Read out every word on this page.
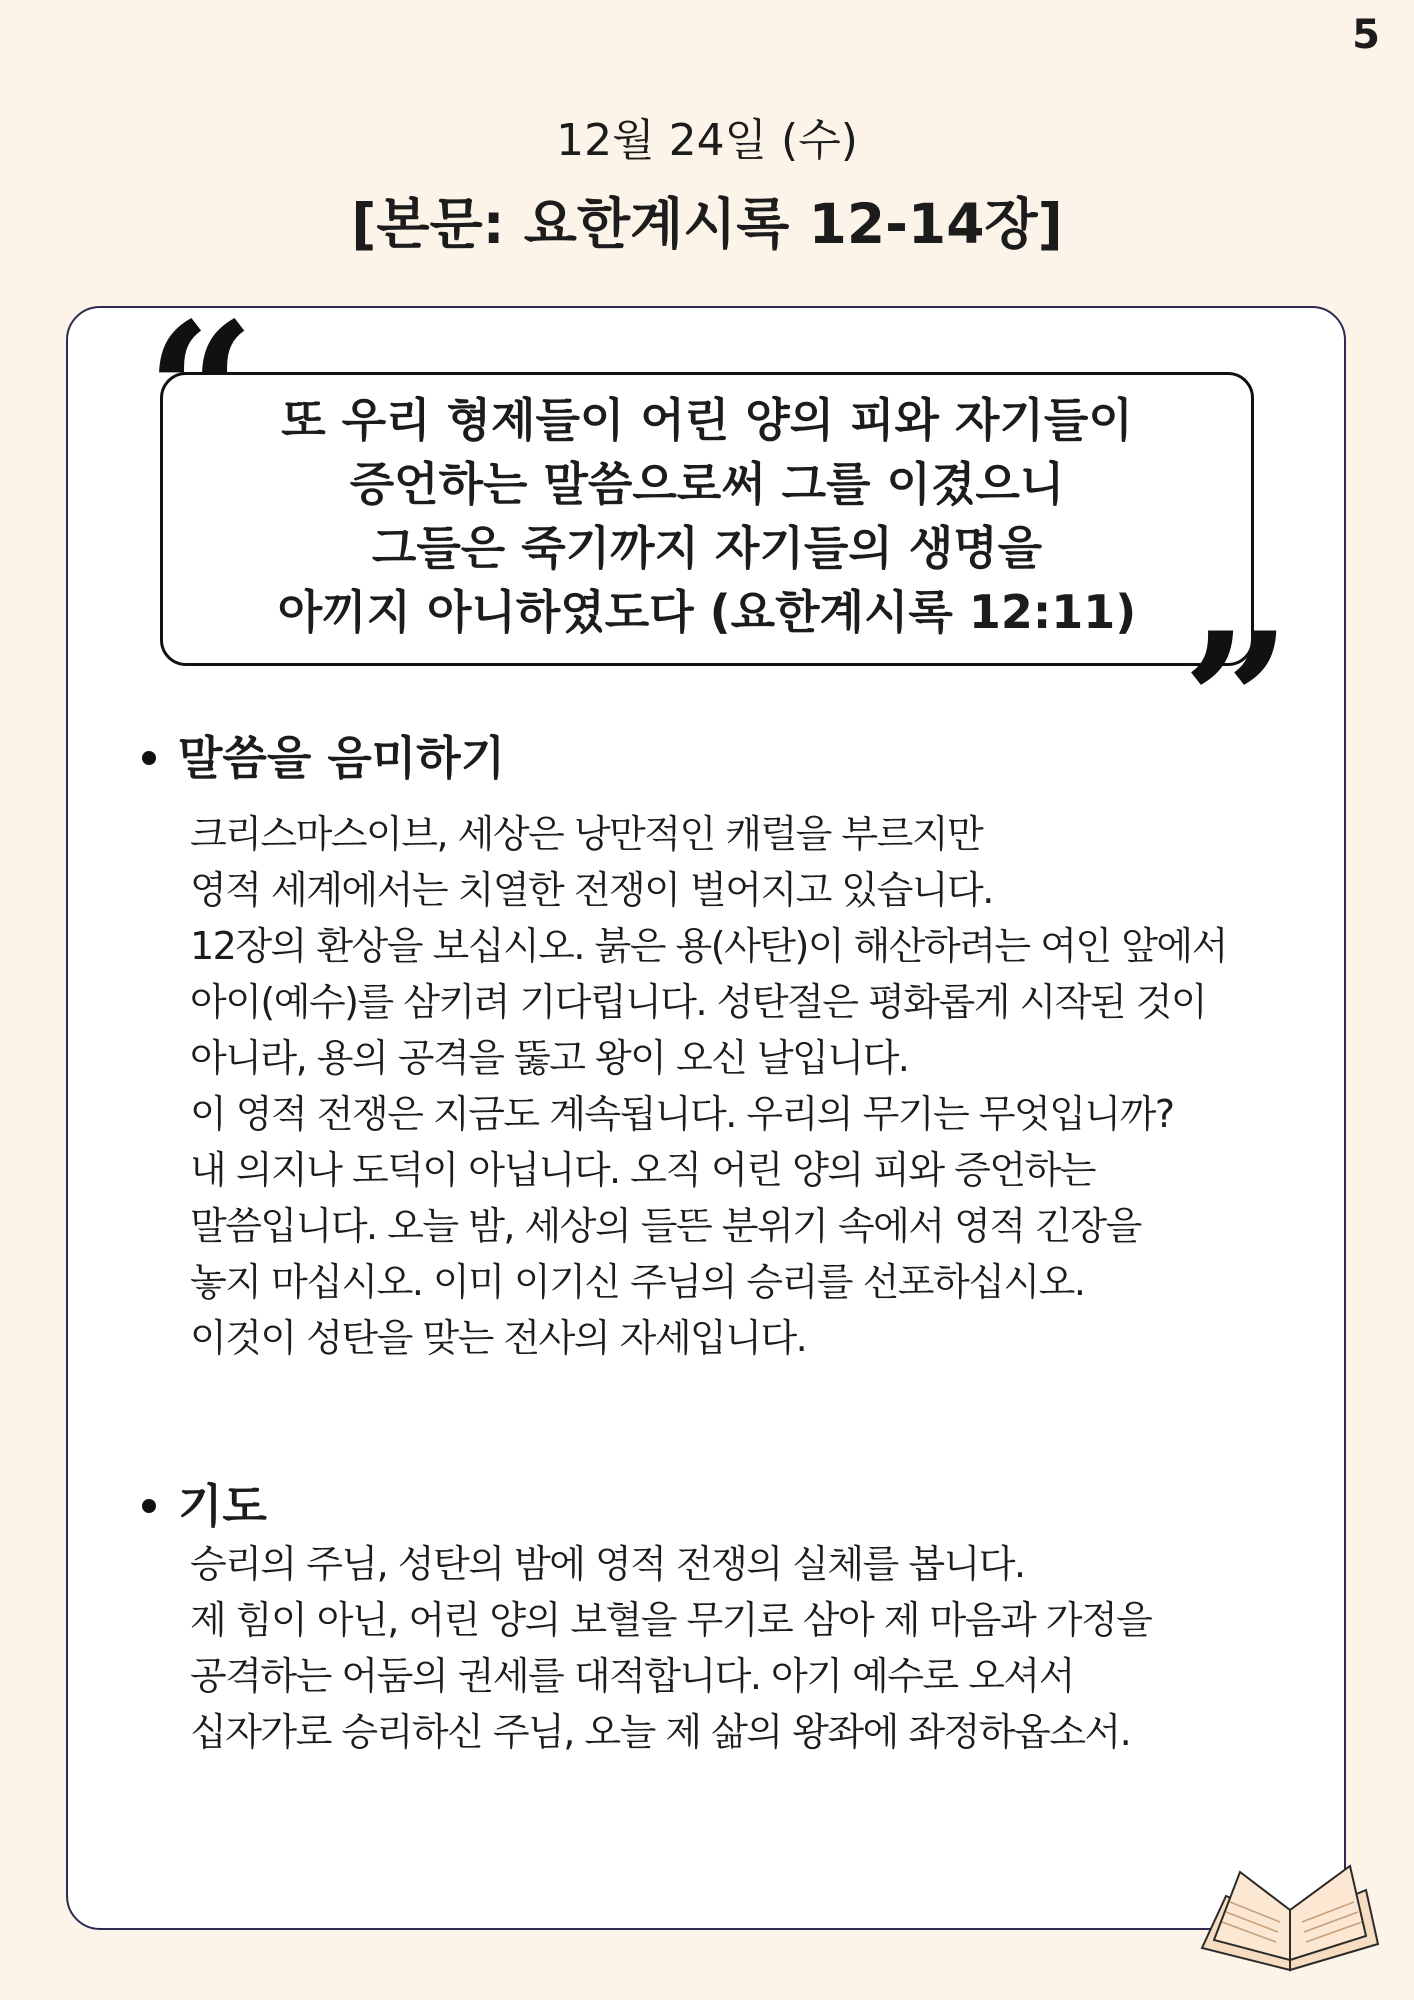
5
12월 24일 (수)
[본문: 요한계시록 12-14장]
“
”
또 우리 형제들이 어린 양의 피와 자기들이
증언하는 말씀으로써 그를 이겼으니
그들은 죽기까지 자기들의 생명을
아끼지 아니하였도다 (요한계시록 12:11)
말씀을 음미하기
크리스마스이브, 세상은 낭만적인 캐럴을 부르지만
영적 세계에서는 치열한 전쟁이 벌어지고 있습니다.
12장의 환상을 보십시오. 붉은 용(사탄)이 해산하려는 여인 앞에서
아이(예수)를 삼키려 기다립니다. 성탄절은 평화롭게 시작된 것이
아니라, 용의 공격을 뚫고 왕이 오신 날입니다.
이 영적 전쟁은 지금도 계속됩니다. 우리의 무기는 무엇입니까?
내 의지나 도덕이 아닙니다. 오직 어린 양의 피와 증언하는
말씀입니다. 오늘 밤, 세상의 들뜬 분위기 속에서 영적 긴장을
놓지 마십시오. 이미 이기신 주님의 승리를 선포하십시오.
이것이 성탄을 맞는 전사의 자세입니다.
기도
승리의 주님, 성탄의 밤에 영적 전쟁의 실체를 봅니다.
제 힘이 아닌, 어린 양의 보혈을 무기로 삼아 제 마음과 가정을
공격하는 어둠의 권세를 대적합니다. 아기 예수로 오셔서
십자가로 승리하신 주님, 오늘 제 삶의 왕좌에 좌정하옵소서.
